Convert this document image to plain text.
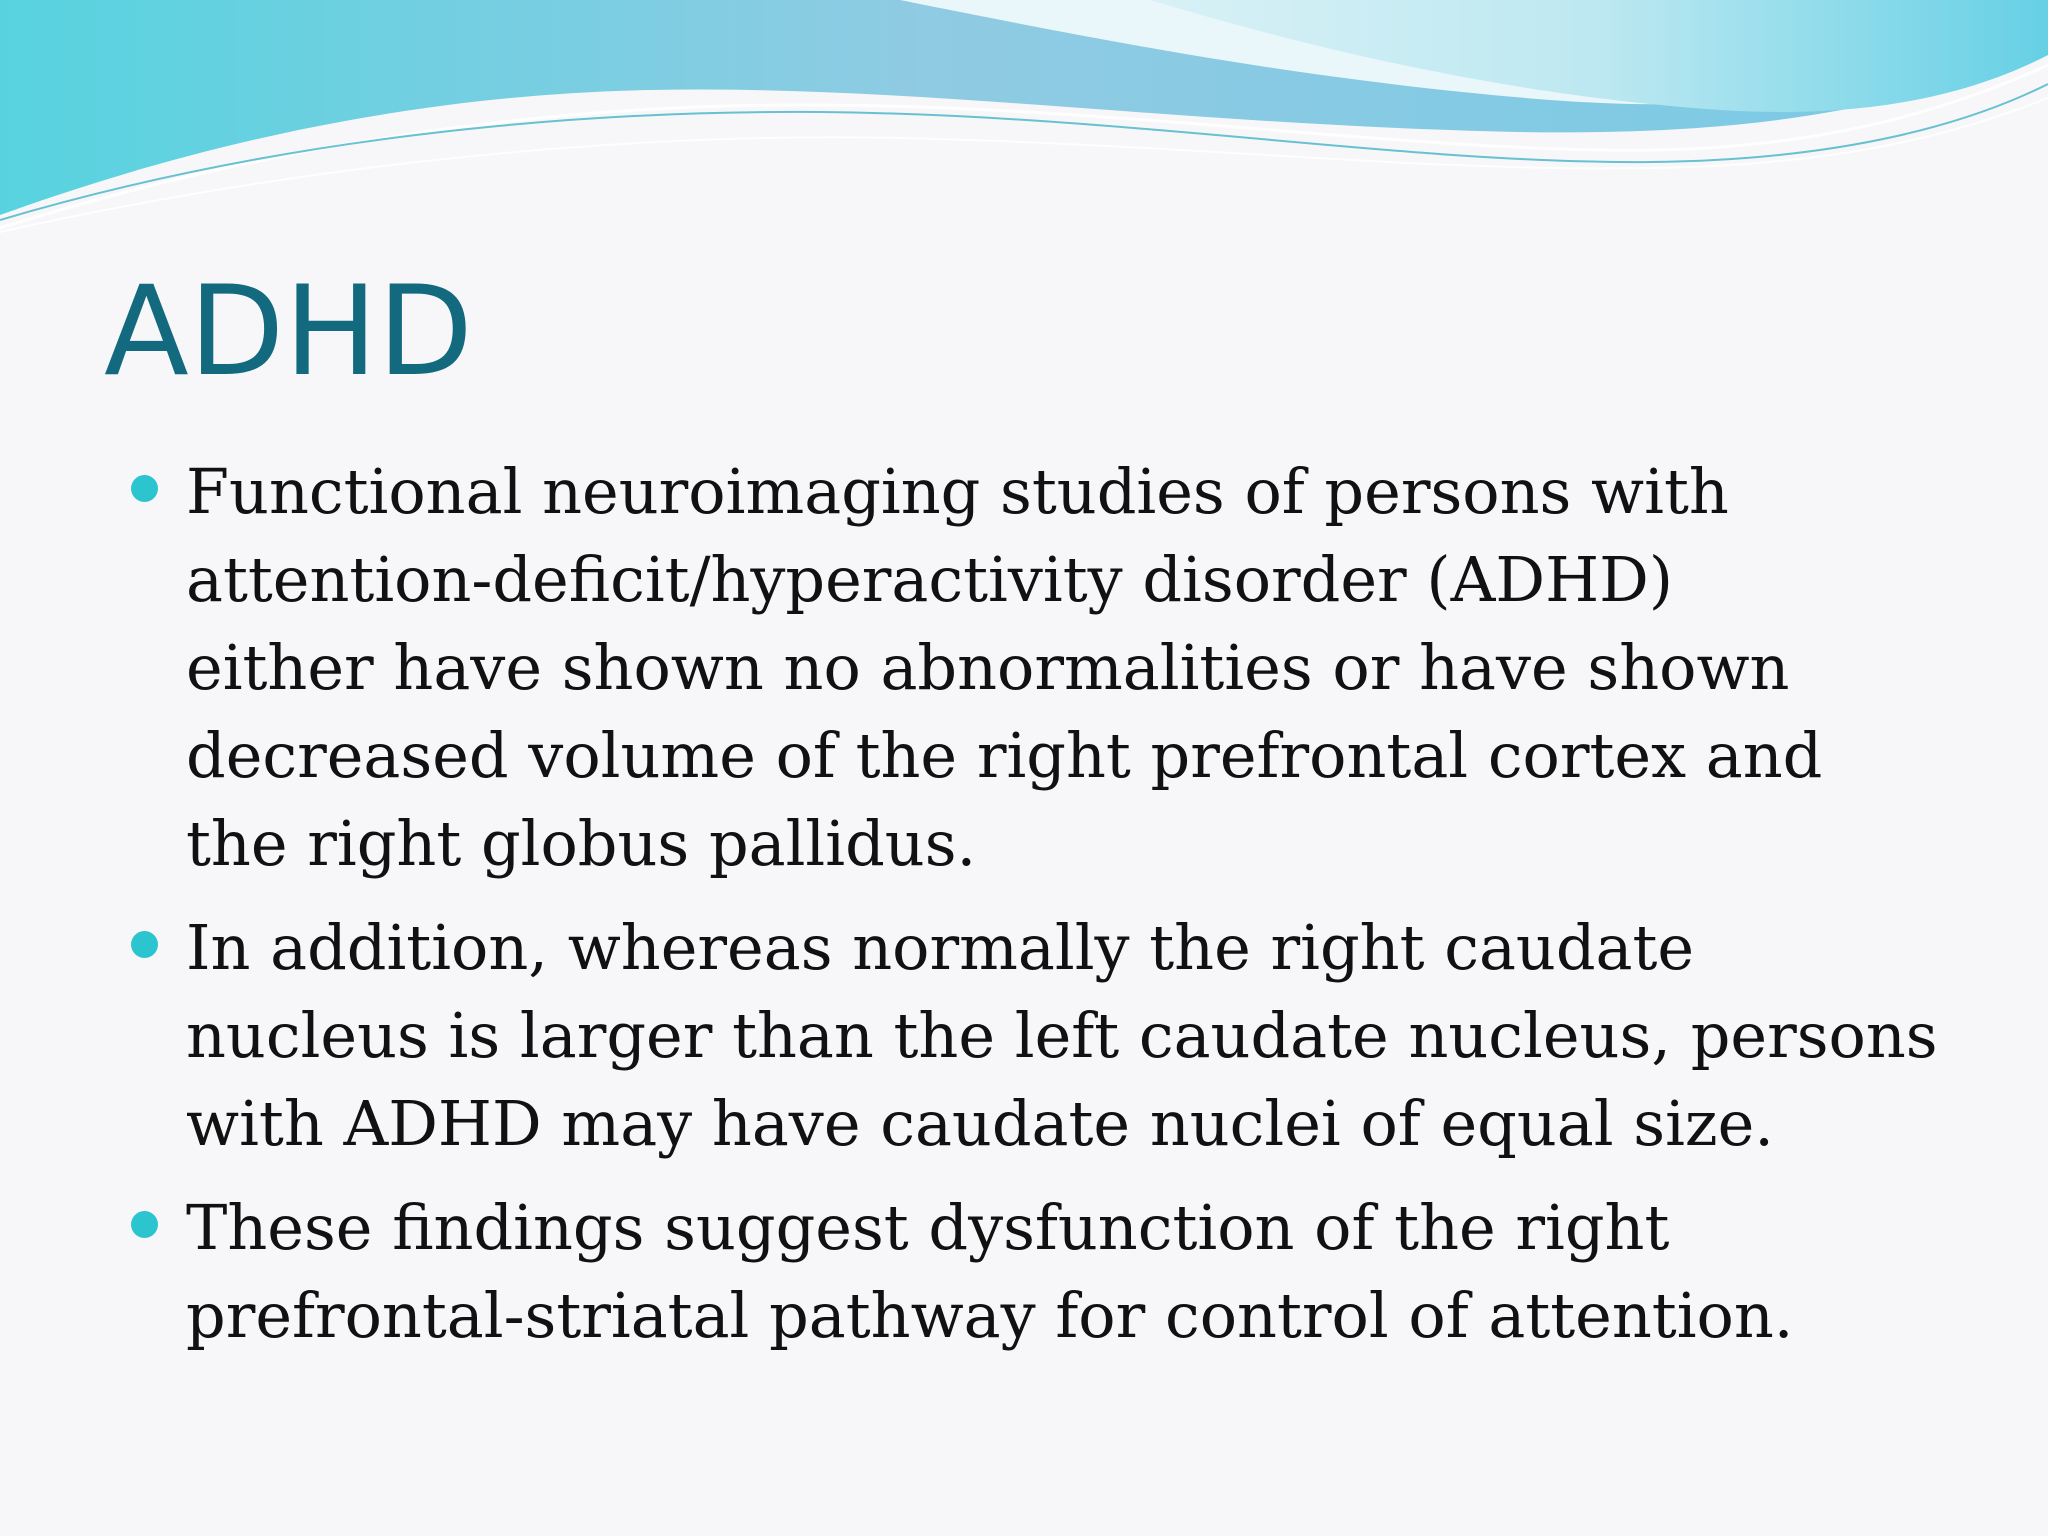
ADHD
Functional neuroimaging studies of persons with
attention-deficit/hyperactivity disorder (ADHD)
either have shown no abnormalities or have shown
decreased volume of the right prefrontal cortex and
the right globus pallidus.
In addition, whereas normally the right caudate
nucleus is larger than the left caudate nucleus, persons
with ADHD may have caudate nuclei of equal size.
These findings suggest dysfunction of the right
prefrontal-striatal pathway for control of attention.
